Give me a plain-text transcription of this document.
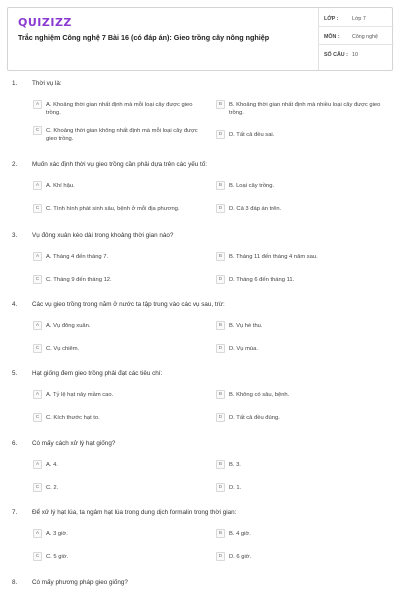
QUIZIZZ
Trắc nghiệm Công nghệ 7 Bài 16 (có đáp án): Gieo trồng cây nông nghiệp
LỚP :	Lớp 7
MÔN :	Công nghệ
SỐ CÂU : 10
1. Thời vụ là:
A	A. Khoảng thời gian nhất định mà mỗi loại cây được gieo trồng.
B	B. Khoảng thời gian nhất định mà nhiều loại cây được gieo trồng.
C	C. Khoảng thời gian không nhất định mà mỗi loại cây được gieo trồng.
D	D. Tất cả đều sai.
2. Muốn xác định thời vụ gieo trồng cần phải dựa trên các yếu tố:
A	A. Khí hậu.	B	B. Loại cây trồng.
C	C. Tình hình phát sinh sâu, bệnh ở mỗi địa phương.	D	D. Cả 3 đáp án trên.
3. Vụ đông xuân kéo dài trong khoảng thời gian nào?
A	A. Tháng 4 đến tháng 7.	B	B. Tháng 11 đến tháng 4 năm sau.
C	C. Tháng 9 đến tháng 12.	D	D. Tháng 6 đến tháng 11.
4. Các vụ gieo trồng trong năm ở nước ta tập trung vào các vụ sau, trừ:
A	A. Vụ đông xuân.	B	B. Vụ hè thu.
C	C. Vụ chiêm.	D	D. Vụ mùa.
5. Hạt giống đem gieo trồng phải đạt các tiêu chí:
A	A. Tỷ lệ hạt nảy mầm cao.	B	B. Không có sâu, bệnh.
C	C. Kích thước hạt to.	D	D. Tất cả đều đúng.
6. Có mấy cách xử lý hạt giống?
A	A. 4.	B	B. 3.
C	C. 2.	D	D. 1.
7. Để xử lý hạt lúa, ta ngâm hạt lúa trong dung dịch formalin trong thời gian:
A	A. 3 giờ.	B	B. 4 giờ.
C	C. 5 giờ.	D	D. 6 giờ.
8. Có mấy phương pháp gieo giống?
